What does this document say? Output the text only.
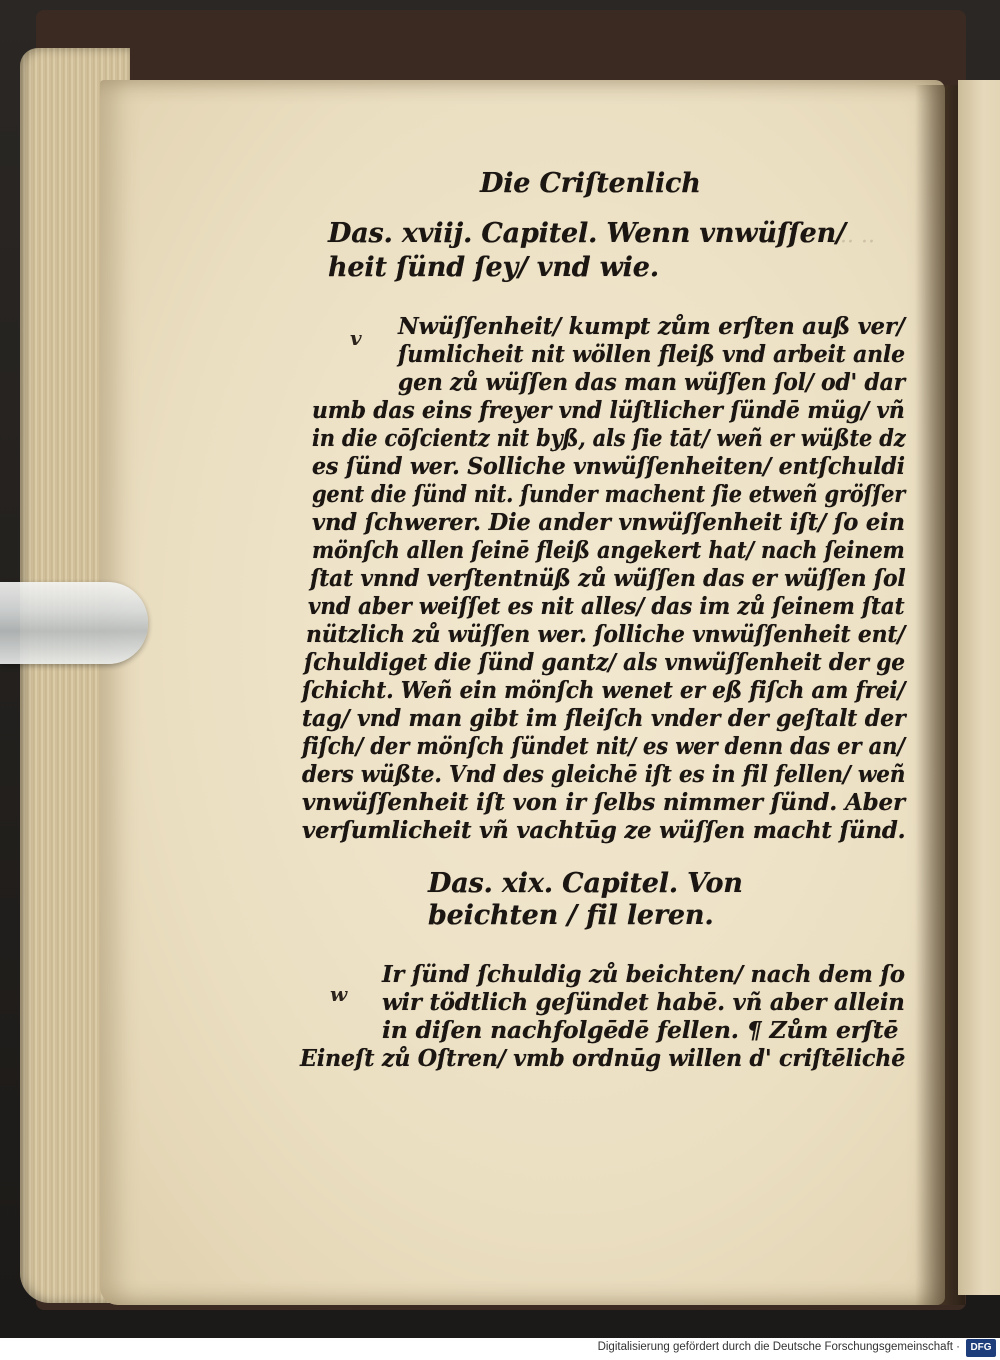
·· ··
Die Criſtenlich
Das. xviij. Capitel. Wenn vnwüſſen/
heit ſünd ſey/ vnd wie.
v Nwüſſenheit/ kumpt zům erſten auß ver/
ſumlicheit nit wöllen fleiß vnd arbeit anle
gen zů wüſſen das man wüſſen ſol/ od' dar
umb das eins freyer vnd lüſtlicher ſündē müg/ vñ
in die cōſcientz nit byß, als ſie tāt/ weñ er wüßte dz
es ſünd wer. Solliche vnwüſſenheiten/ entſchuldi
gent die ſünd nit. ſunder machent ſie etweñ gröſſer
vnd ſchwerer. Die ander vnwüſſenheit iſt/ ſo ein
mönſch allen ſeinē fleiß angekert hat/ nach ſeinem
ſtat vnnd verſtentnüß zů wüſſen das er wüſſen ſol
vnd aber weiſſet es nit alles/ das im zů ſeinem ſtat
nützlich zů wüſſen wer. ſolliche vnwüſſenheit ent/
ſchuldiget die ſünd gantz/ als vnwüſſenheit der ge
ſchicht. Weñ ein mönſch wenet er eß fiſch am frei/
tag/ vnd man gibt im fleiſch vnder der geſtalt der
fiſch/ der mönſch ſündet nit/ es wer denn das er an/
ders wüßte. Vnd des gleichē iſt es in fil fellen/ weñ
vnwüſſenheit iſt von ir ſelbs nimmer ſünd. Aber
verſumlicheit vñ vachtūg ze wüſſen macht ſünd.
Das. xix. Capitel. Von
beichten / fil leren.
w
Ir ſünd ſchuldig zů beichten/ nach dem ſo
wir tödtlich geſündet habē. vñ aber allein
in diſen nachfolgēdē fellen. ¶ Zům erſtē
Eineſt zů Oſtren/ vmb ordnūg willen d' criſtēlichē
Digitalisierung gefördert durch die Deutsche Forschungsgemeinschaft ·	DFG
